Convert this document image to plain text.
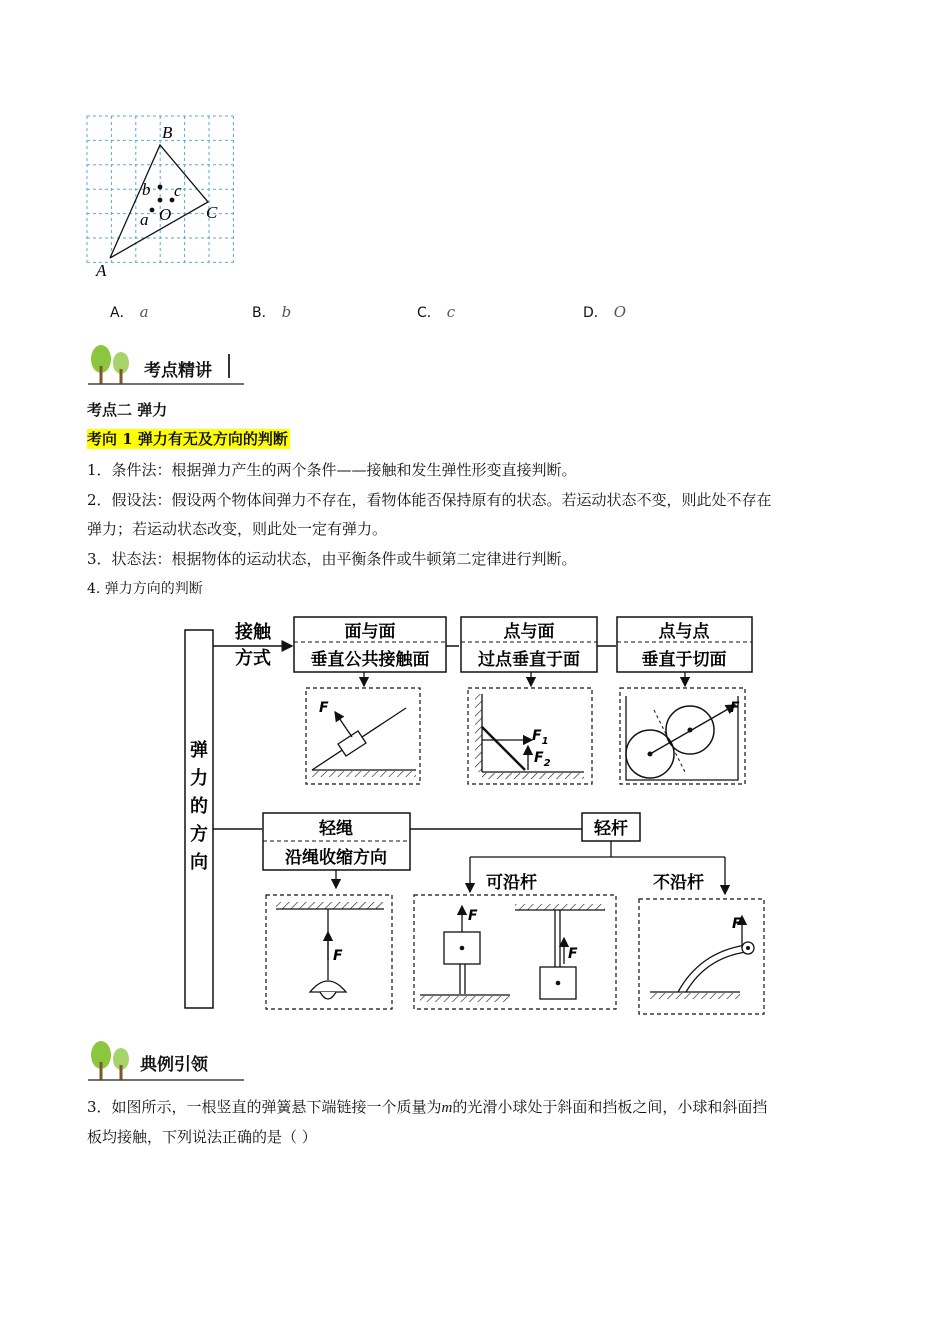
B
C
A
b c
O
a
A． a	B． b	C． c	D． O
考点精讲
考点二 弹力
考向 1 弹力有无及方向的判断
1．条件法：根据弹力产生的两个条件——接触和发生弹性形变直接判断。
2．假设法：假设两个物体间弹力不存在，看物体能否保持原有的状态。若运动状态不变，则此处不存在
弹力；若运动状态改变，则此处一定有弹力。
3．状态法：根据物体的运动状态，由平衡条件或牛顿第二定律进行判断。
4. 弹力方向的判断
弹
力
的
方
向
接触
方式
面与面
垂直公共接触面
点与面
过点垂直于面
点与点
垂直于切面
F
$F_1$
$F_2$
F
轻绳
沿绳收缩方向
轻杆
可沿杆	不沿杆
F
F
F
F
典例引领
3．如图所示，一根竖直的弹簧悬下端链接一个质量为m的光滑小球处于斜面和挡板之间，小球和斜面挡
板均接触，下列说法正确的是（ ）
